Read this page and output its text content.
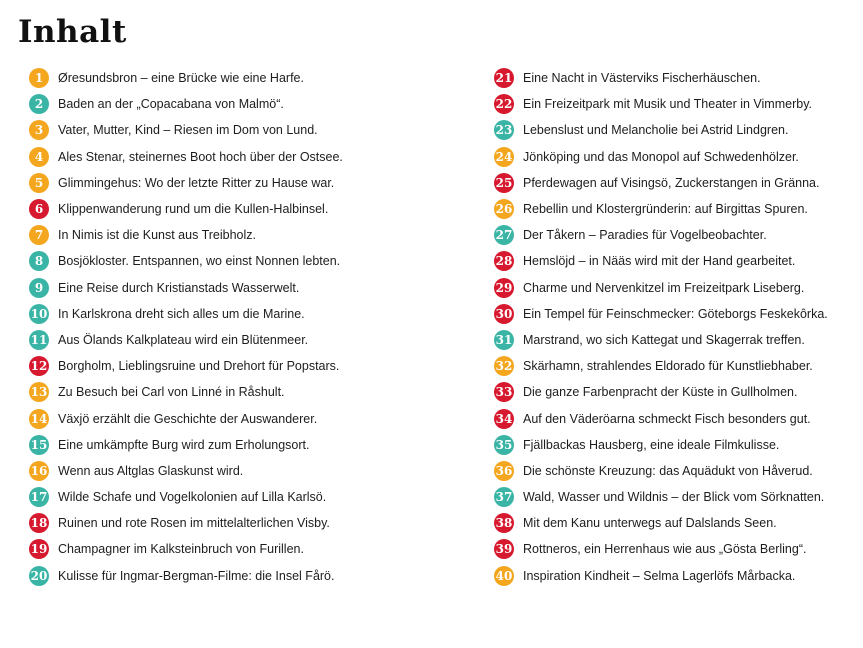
Inhalt
1	Øresundsbron – eine Brücke wie eine Harfe.
2	Baden an der „Copacabana von Malmö“.
3	Vater, Mutter, Kind – Riesen im Dom von Lund.
4	Ales Stenar, steinernes Boot hoch über der Ostsee.
5	Glimmingehus: Wo der letzte Ritter zu Hause war.
6	Klippenwanderung rund um die Kullen-Halbinsel.
7	In Nimis ist die Kunst aus Treibholz.
8	Bosjökloster. Entspannen, wo einst Nonnen lebten.
9	Eine Reise durch Kristianstads Wasserwelt.
10 In Karlskrona dreht sich alles um die Marine.
11 Aus Ölands Kalkplateau wird ein Blütenmeer.
12 Borgholm, Lieblingsruine und Drehort für Popstars.
13 Zu Besuch bei Carl von Linné in Råshult.
14 Växjö erzählt die Geschichte der Auswanderer.
15 Eine umkämpfte Burg wird zum Erholungsort.
16 Wenn aus Altglas Glaskunst wird.
17 Wilde Schafe und Vogelkolonien auf Lilla Karlsö.
18 Ruinen und rote Rosen im mittelalterlichen Visby.
19 Champagner im Kalksteinbruch von Furillen.
20 Kulisse für Ingmar-Bergman-Filme: die Insel Fårö.
21 Eine Nacht in Västerviks Fischerhäuschen.
22 Ein Freizeitpark mit Musik und Theater in Vimmerby.
23 Lebenslust und Melancholie bei Astrid Lindgren.
24 Jönköping und das Monopol auf Schwedenhölzer.
25 Pferdewagen auf Visingsö, Zuckerstangen in Gränna.
26 Rebellin und Klostergründerin: auf Birgittas Spuren.
27 Der Tåkern – Paradies für Vogelbeobachter.
28 Hemslöjd – in Nääs wird mit der Hand gearbeitet.
29 Charme und Nervenkitzel im Freizeitpark Liseberg.
30 Ein Tempel für Feinschmecker: Göteborgs Feskekôrka.
31 Marstrand, wo sich Kattegat und Skagerrak treffen.
32 Skärhamn, strahlendes Eldorado für Kunstliebhaber.
33 Die ganze Farbenpracht der Küste in Gullholmen.
34 Auf den Väderöarna schmeckt Fisch besonders gut.
35 Fjällbackas Hausberg, eine ideale Filmkulisse.
36 Die schönste Kreuzung: das Aquädukt von Håverud.
37 Wald, Wasser und Wildnis – der Blick vom Sörknatten.
38 Mit dem Kanu unterwegs auf Dalslands Seen.
39 Rottneros, ein Herrenhaus wie aus „Gösta Berling“.
40 Inspiration Kindheit – Selma Lagerlöfs Mårbacka.
